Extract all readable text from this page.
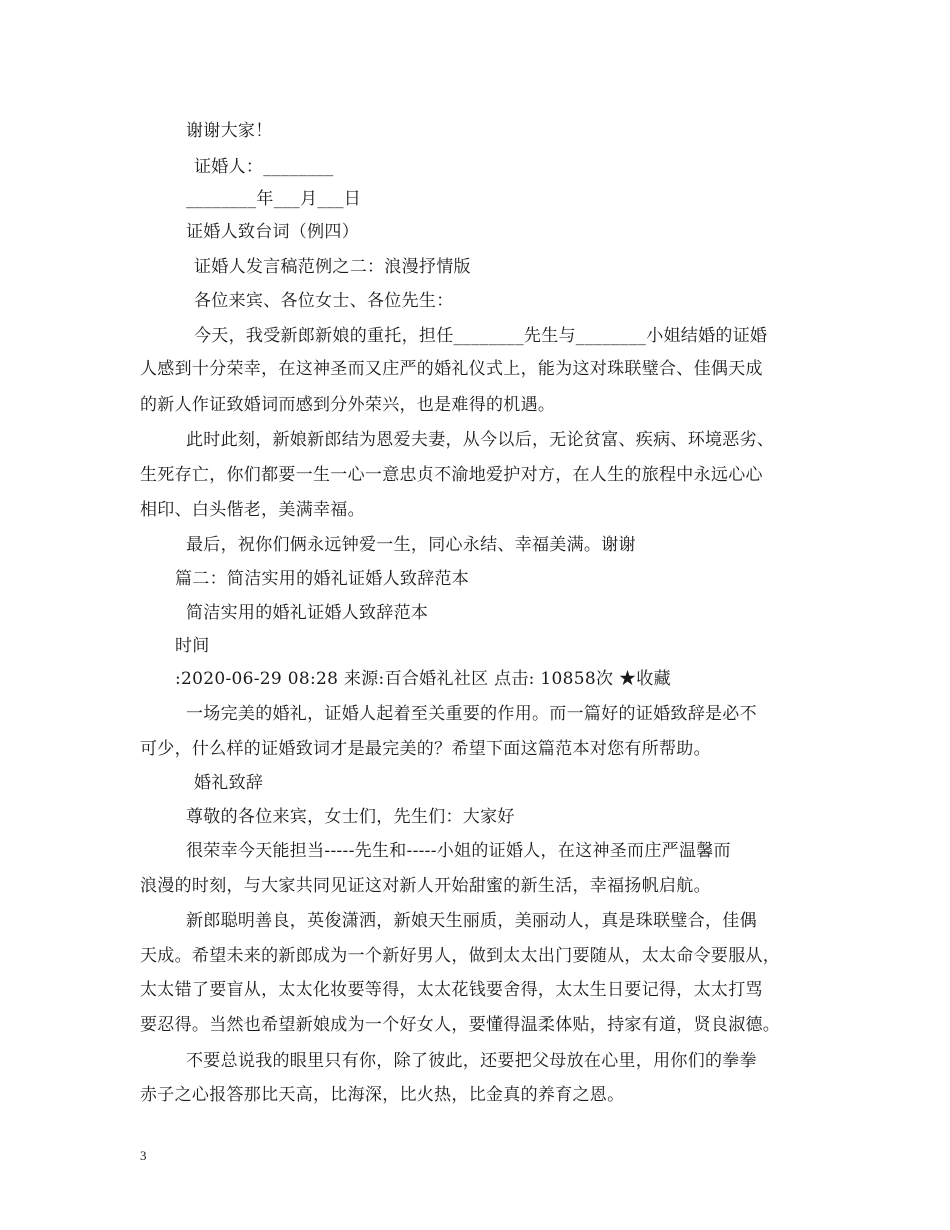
谢谢大家！
证婚人：________
________年___月___日
证婚人致台词（例四）
证婚人发言稿范例之二：浪漫抒情版
各位来宾、各位女士、各位先生：
今天，我受新郎新娘的重托，担任________先生与________小姐结婚的证婚
人感到十分荣幸，在这神圣而又庄严的婚礼仪式上，能为这对珠联璧合、佳偶天成
的新人作证致婚词而感到分外荣兴，也是难得的机遇。
此时此刻，新娘新郎结为恩爱夫妻，从今以后，无论贫富、疾病、环境恶劣、
生死存亡，你们都要一生一心一意忠贞不渝地爱护对方，在人生的旅程中永远心心
相印、白头偕老，美满幸福。
最后，祝你们俩永远钟爱一生，同心永结、幸福美满。谢谢
篇二：简洁实用的婚礼证婚人致辞范本
简洁实用的婚礼证婚人致辞范本
时间
:2020-06-29 08:28 来源:百合婚礼社区 点击: 10858次 ★收藏
一场完美的婚礼，证婚人起着至关重要的作用。而一篇好的证婚致辞是必不
可少，什么样的证婚致词才是最完美的？希望下面这篇范本对您有所帮助。
婚礼致辞
尊敬的各位来宾，女士们，先生们：大家好
很荣幸今天能担当-----先生和-----小姐的证婚人，在这神圣而庄严温馨而
浪漫的时刻，与大家共同见证这对新人开始甜蜜的新生活，幸福扬帆启航。
新郎聪明善良，英俊潇洒，新娘天生丽质，美丽动人，真是珠联璧合，佳偶
天成。希望未来的新郎成为一个新好男人，做到太太出门要随从，太太命令要服从，
太太错了要盲从，太太化妆要等得，太太花钱要舍得，太太生日要记得，太太打骂
要忍得。当然也希望新娘成为一个好女人，要懂得温柔体贴，持家有道，贤良淑德。
不要总说我的眼里只有你，除了彼此，还要把父母放在心里，用你们的拳拳
赤子之心报答那比天高，比海深，比火热，比金真的养育之恩。
3
